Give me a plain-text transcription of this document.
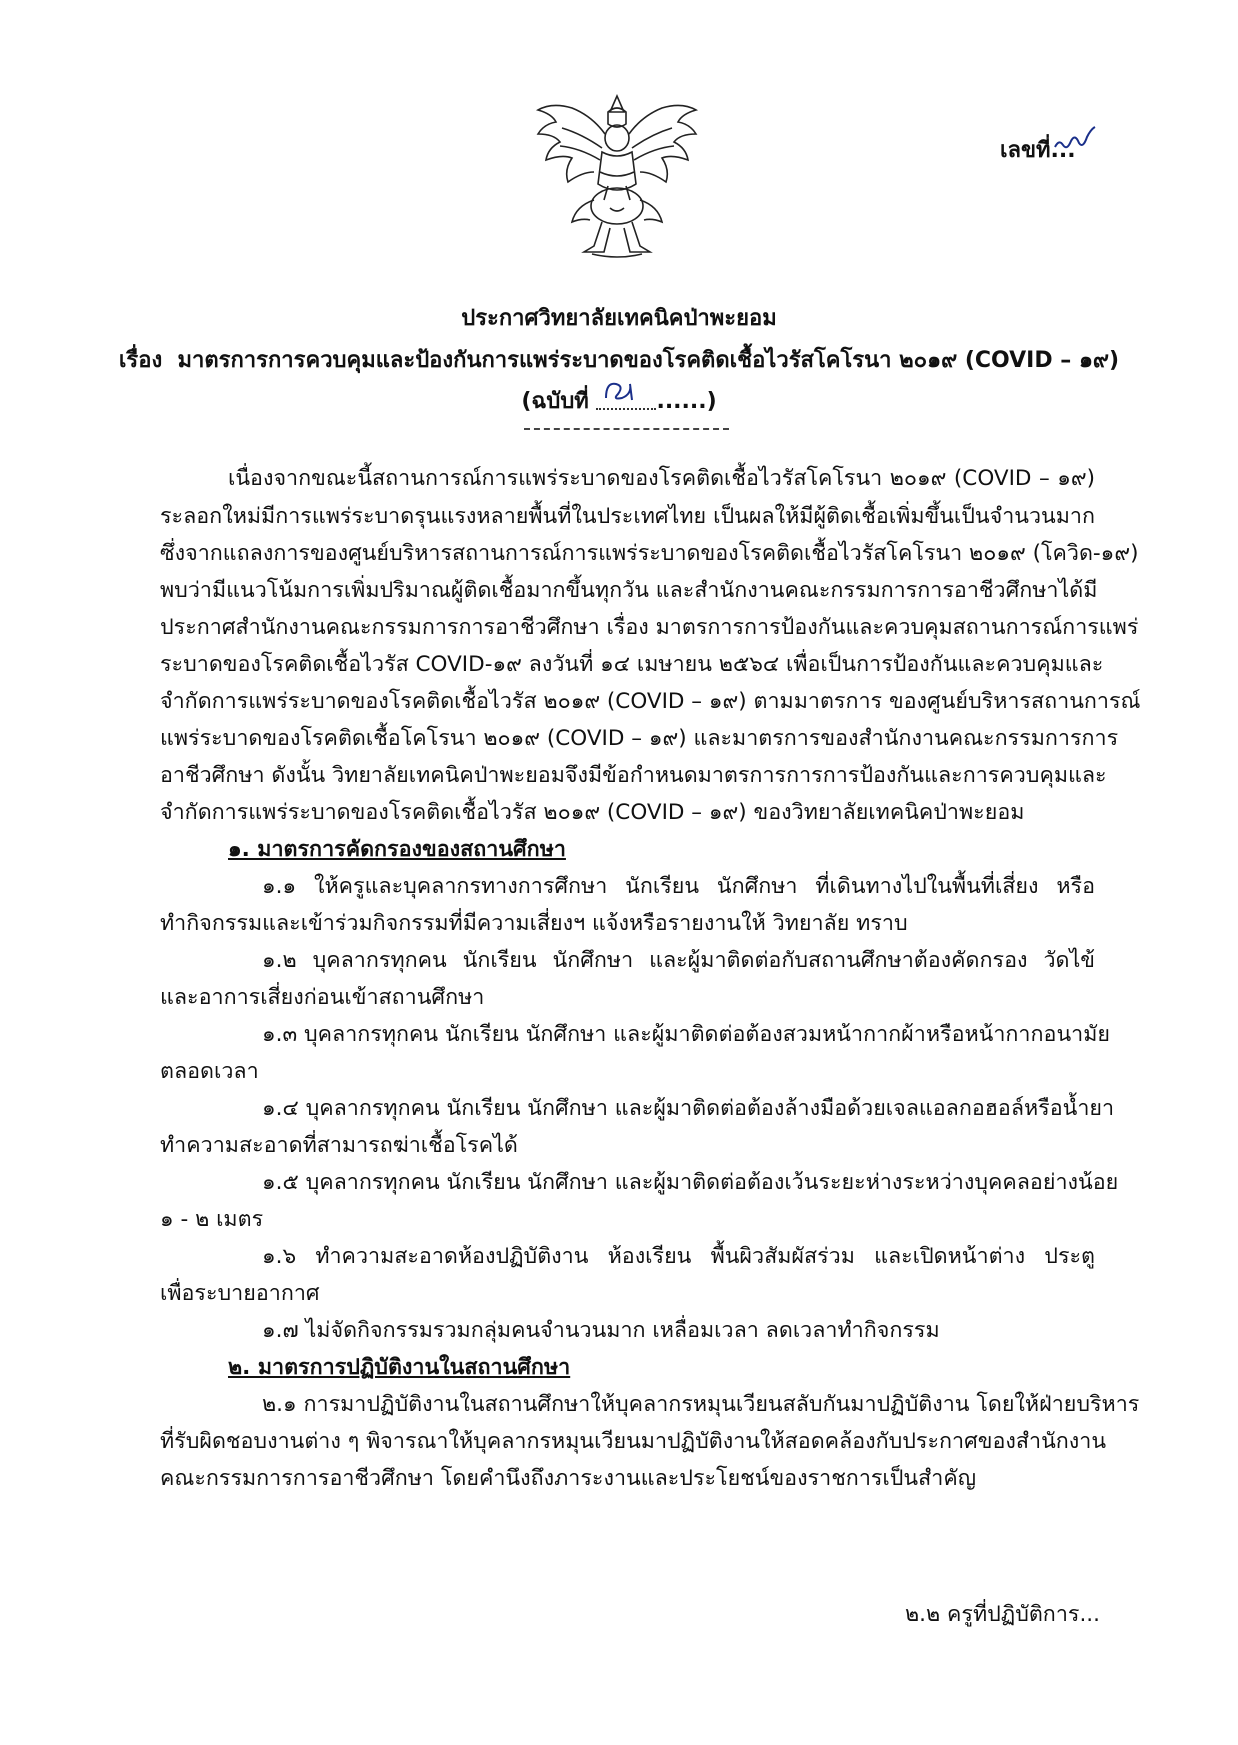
เลขที่...
ประกาศวิทยาลัยเทคนิคป่าพะยอม
เรื่อง มาตรการการควบคุมและป้องกันการแพร่ระบาดของโรคติดเชื้อไวรัสโคโรนา ๒๐๑๙ (COVID – ๑๙)
(ฉบับที่	......)
เนื่องจากขณะนี้สถานการณ์การแพร่ระบาดของโรคติดเชื้อไวรัสโคโรนา ๒๐๑๙ (COVID – ๑๙)
ระลอกใหม่มีการแพร่ระบาดรุนแรงหลายพื้นที่ในประเทศไทย เป็นผลให้มีผู้ติดเชื้อเพิ่มขึ้นเป็นจำนวนมาก
ซึ่งจากแถลงการของศูนย์บริหารสถานการณ์การแพร่ระบาดของโรคติดเชื้อไวรัสโคโรนา ๒๐๑๙ (โควิด-๑๙)
พบว่ามีแนวโน้มการเพิ่มปริมาณผู้ติดเชื้อมากขึ้นทุกวัน และสำนักงานคณะกรรมการการอาชีวศึกษาได้มี
ประกาศสำนักงานคณะกรรมการการอาชีวศึกษา เรื่อง มาตรการการป้องกันและควบคุมสถานการณ์การแพร่
ระบาดของโรคติดเชื้อไวรัส COVID-๑๙ ลงวันที่ ๑๔ เมษายน ๒๕๖๔ เพื่อเป็นการป้องกันและควบคุมและ
จำกัดการแพร่ระบาดของโรคติดเชื้อไวรัส ๒๐๑๙ (COVID – ๑๙) ตามมาตรการ ของศูนย์บริหารสถานการณ์
แพร่ระบาดของโรคติดเชื้อโคโรนา ๒๐๑๙ (COVID – ๑๙) และมาตรการของสำนักงานคณะกรรมการการ
อาชีวศึกษา ดังนั้น วิทยาลัยเทคนิคป่าพะยอมจึงมีข้อกำหนดมาตรการการการป้องกันและการควบคุมและ
จำกัดการแพร่ระบาดของโรคติดเชื้อไวรัส ๒๐๑๙ (COVID – ๑๙) ของวิทยาลัยเทคนิคป่าพะยอม
๑. มาตรการคัดกรองของสถานศึกษา
๑.๑ ให้ครูและบุคลากรทางการศึกษา นักเรียน นักศึกษา ที่เดินทางไปในพื้นที่เสี่ยง หรือ
ทำกิจกรรมและเข้าร่วมกิจกรรมที่มีความเสี่ยงฯ แจ้งหรือรายงานให้ วิทยาลัย ทราบ
๑.๒ บุคลากรทุกคน นักเรียน นักศึกษา และผู้มาติดต่อกับสถานศึกษาต้องคัดกรอง วัดไข้
และอาการเสี่ยงก่อนเข้าสถานศึกษา
๑.๓ บุคลากรทุกคน นักเรียน นักศึกษา และผู้มาติดต่อต้องสวมหน้ากากผ้าหรือหน้ากากอนามัย
ตลอดเวลา
๑.๔ บุคลากรทุกคน นักเรียน นักศึกษา และผู้มาติดต่อต้องล้างมือด้วยเจลแอลกอฮอล์หรือน้ำยา
ทำความสะอาดที่สามารถฆ่าเชื้อโรคได้
๑.๕ บุคลากรทุกคน นักเรียน นักศึกษา และผู้มาติดต่อต้องเว้นระยะห่างระหว่างบุคคลอย่างน้อย
๑ - ๒ เมตร
๑.๖ ทำความสะอาดห้องปฏิบัติงาน ห้องเรียน พื้นผิวสัมผัสร่วม และเปิดหน้าต่าง ประตู
เพื่อระบายอากาศ
๑.๗ ไม่จัดกิจกรรมรวมกลุ่มคนจำนวนมาก เหลื่อมเวลา ลดเวลาทำกิจกรรม
๒. มาตรการปฏิบัติงานในสถานศึกษา
๒.๑ การมาปฏิบัติงานในสถานศึกษาให้บุคลากรหมุนเวียนสลับกันมาปฏิบัติงาน โดยให้ฝ่ายบริหาร
ที่รับผิดชอบงานต่าง ๆ พิจารณาให้บุคลากรหมุนเวียนมาปฏิบัติงานให้สอดคล้องกับประกาศของสำนักงาน
คณะกรรมการการอาชีวศึกษา โดยคำนึงถึงภาระงานและประโยชน์ของราชการเป็นสำคัญ
๒.๒ ครูที่ปฏิบัติการ...
